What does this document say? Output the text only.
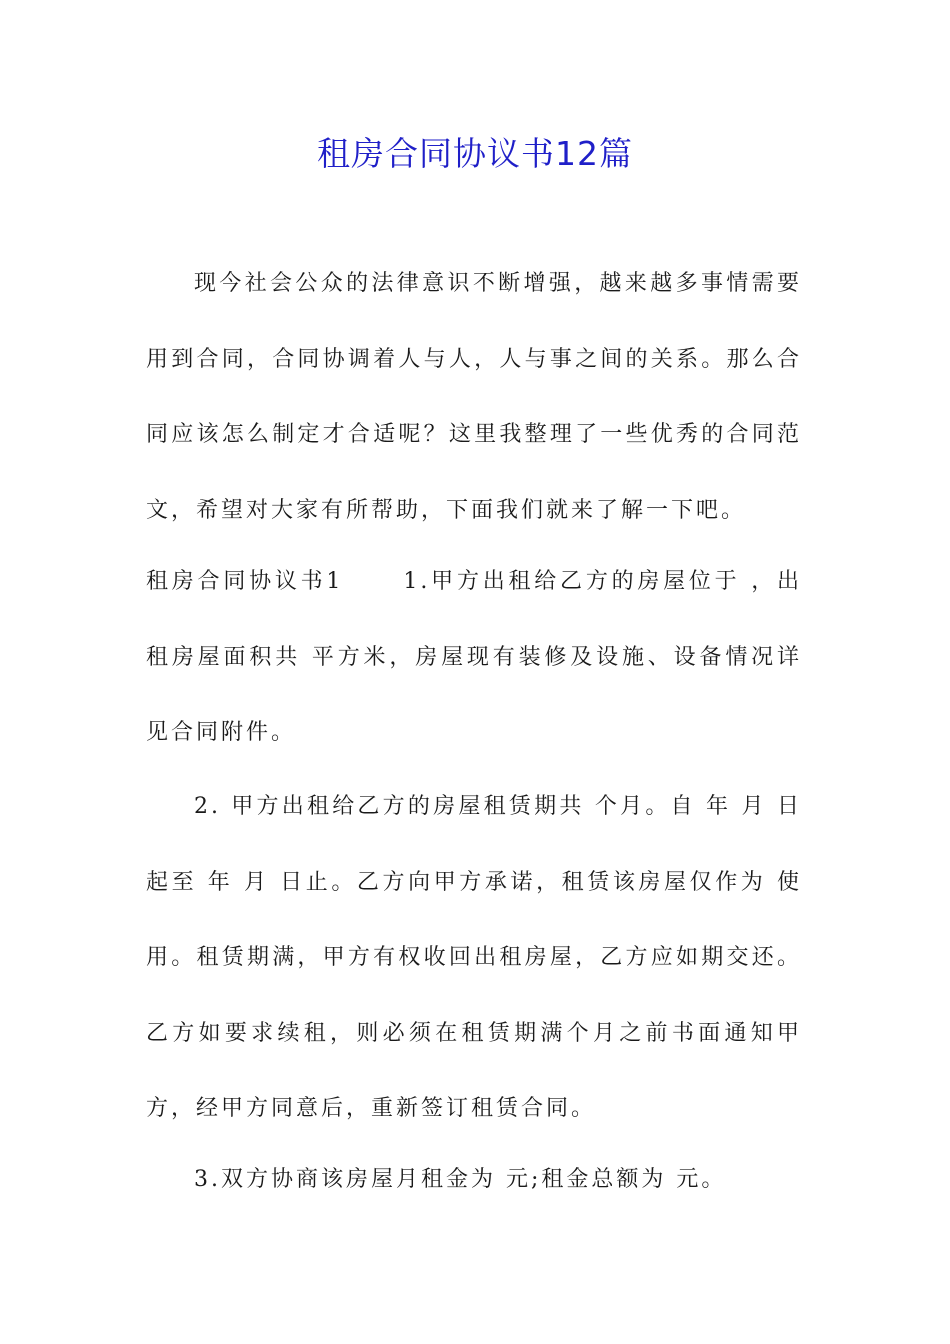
租房合同协议书12篇
现今社会公众的法律意识不断增强，越来越多事情需要用到合同，合同协调着人与人，人与事之间的关系。那么合同应该怎么制定才合适呢？这里我整理了一些优秀的合同范文，希望对大家有所帮助，下面我们就来了解一下吧。
租房合同协议书1	1.甲方出租给乙方的房屋位于 ，出租房屋面积共 平方米，房屋现有装修及设施、设备情况详见合同附件。
2. 甲方出租给乙方的房屋租赁期共 个月。自 年 月 日起至 年 月 日止。乙方向甲方承诺，租赁该房屋仅作为 使用。租赁期满，甲方有权收回出租房屋，乙方应如期交还。乙方如要求续租，则必须在租赁期满个月之前书面通知甲方，经甲方同意后，重新签订租赁合同。
3.双方协商该房屋月租金为 元;租金总额为 元。
